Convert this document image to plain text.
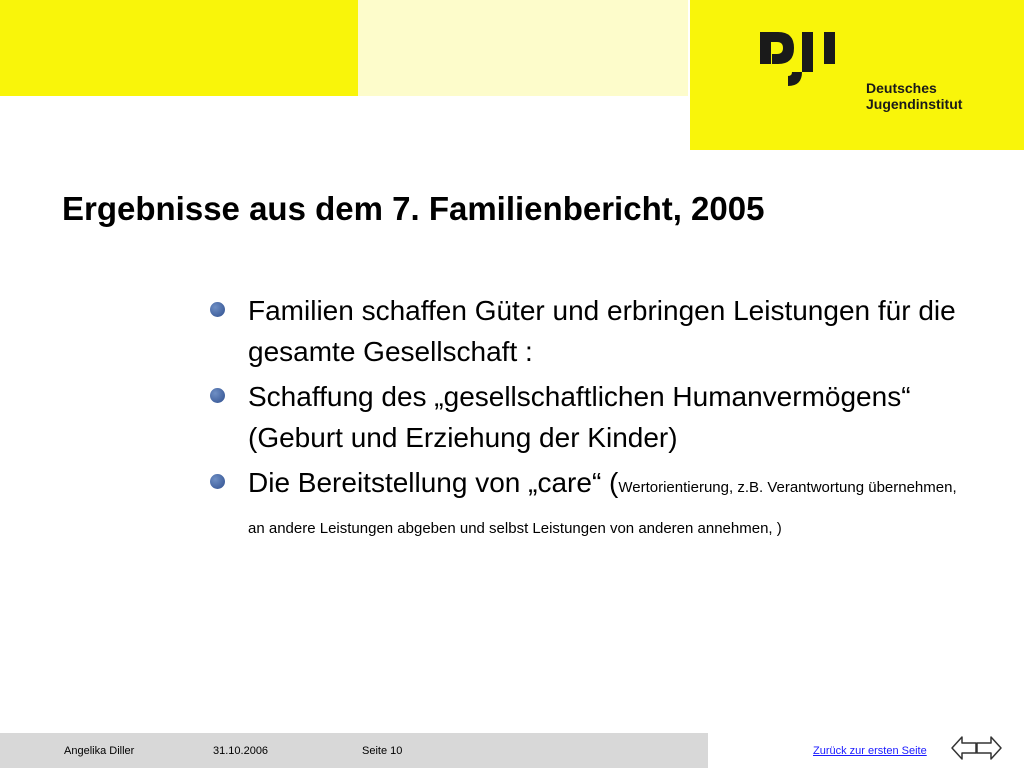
Deutsches
Jugendinstitut
Ergebnisse aus dem 7. Familienbericht, 2005
Familien schaffen Güter und erbringen Leistungen für die gesamte Gesellschaft :
Schaffung des „gesellschaftlichen Humanvermögens“ (Geburt und Erziehung der Kinder)
Die Bereitstellung von „care“ (Wertorientierung, z.B. Verantwortung übernehmen, an andere Leistungen abgeben und selbst Leistungen von anderen annehmen, )
Angelika Diller	31.10.2006	Seite 10	Zurück zur ersten Seite
